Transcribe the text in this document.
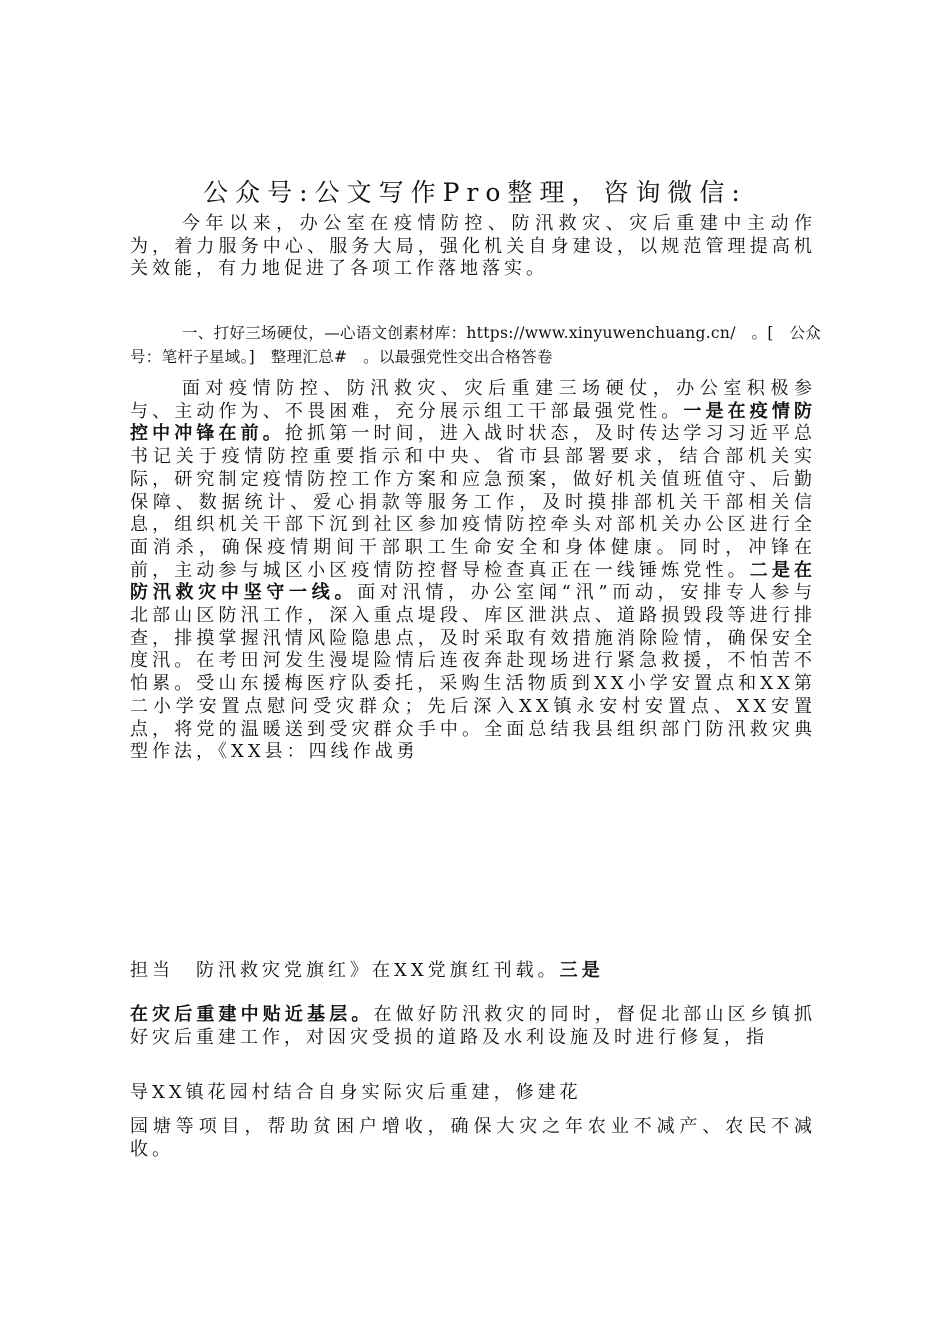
公众号:公文写作Pro整理，咨询微信:
今年以来，办公室在疫情防控、防汛救灾、灾后重建中主动作为，着力服务中心、服务大局，强化机关自身建设，以规范管理提高机关效能，有力地促进了各项工作落地落实。
一、打好三场硬仗，—心语文创素材库：https://www.xinyuwenchuang.cn/　。[　公众号：笔杆子星域。]　整理汇总#　。以最强党性交出合格答卷
面对疫情防控、防汛救灾、灾后重建三场硬仗，办公室积极参与、主动作为、不畏困难，充分展示组工干部最强党性。一是在疫情防控中冲锋在前。抢抓第一时间，进入战时状态，及时传达学习习近平总书记关于疫情防控重要指示和中央、省市县部署要求，结合部机关实际，研究制定疫情防控工作方案和应急预案，做好机关值班值守、后勤保障、数据统计、爱心捐款等服务工作，及时摸排部机关干部相关信息，组织机关干部下沉到社区参加疫情防控牵头对部机关办公区进行全面消杀，确保疫情期间干部职工生命安全和身体健康。同时，冲锋在前，主动参与城区小区疫情防控督导检查真正在一线锤炼党性。二是在防汛救灾中坚守一线。面对汛情，办公室闻“汛”而动，安排专人参与北部山区防汛工作，深入重点堤段、库区泄洪点、道路损毁段等进行排查，排摸掌握汛情风险隐患点，及时采取有效措施消除险情，确保安全度汛。在考田河发生漫堤险情后连夜奔赴现场进行紧急救援，不怕苦不怕累。受山东援梅医疗队委托，采购生活物质到XX小学安置点和XX第二小学安置点慰问受灾群众；先后深入XX镇永安村安置点、XX安置点，将党的温暖送到受灾群众手中。全面总结我县组织部门防汛救灾典型作法，《XX县：四线作战勇
担当　防汛救灾党旗红》在XX党旗红刊载。三是
在灾后重建中贴近基层。在做好防汛救灾的同时，督促北部山区乡镇抓好灾后重建工作，对因灾受损的道路及水利设施及时进行修复，指
导XX镇花园村结合自身实际灾后重建，修建花
园塘等项目，帮助贫困户增收，确保大灾之年农业不减产、农民不减收。
